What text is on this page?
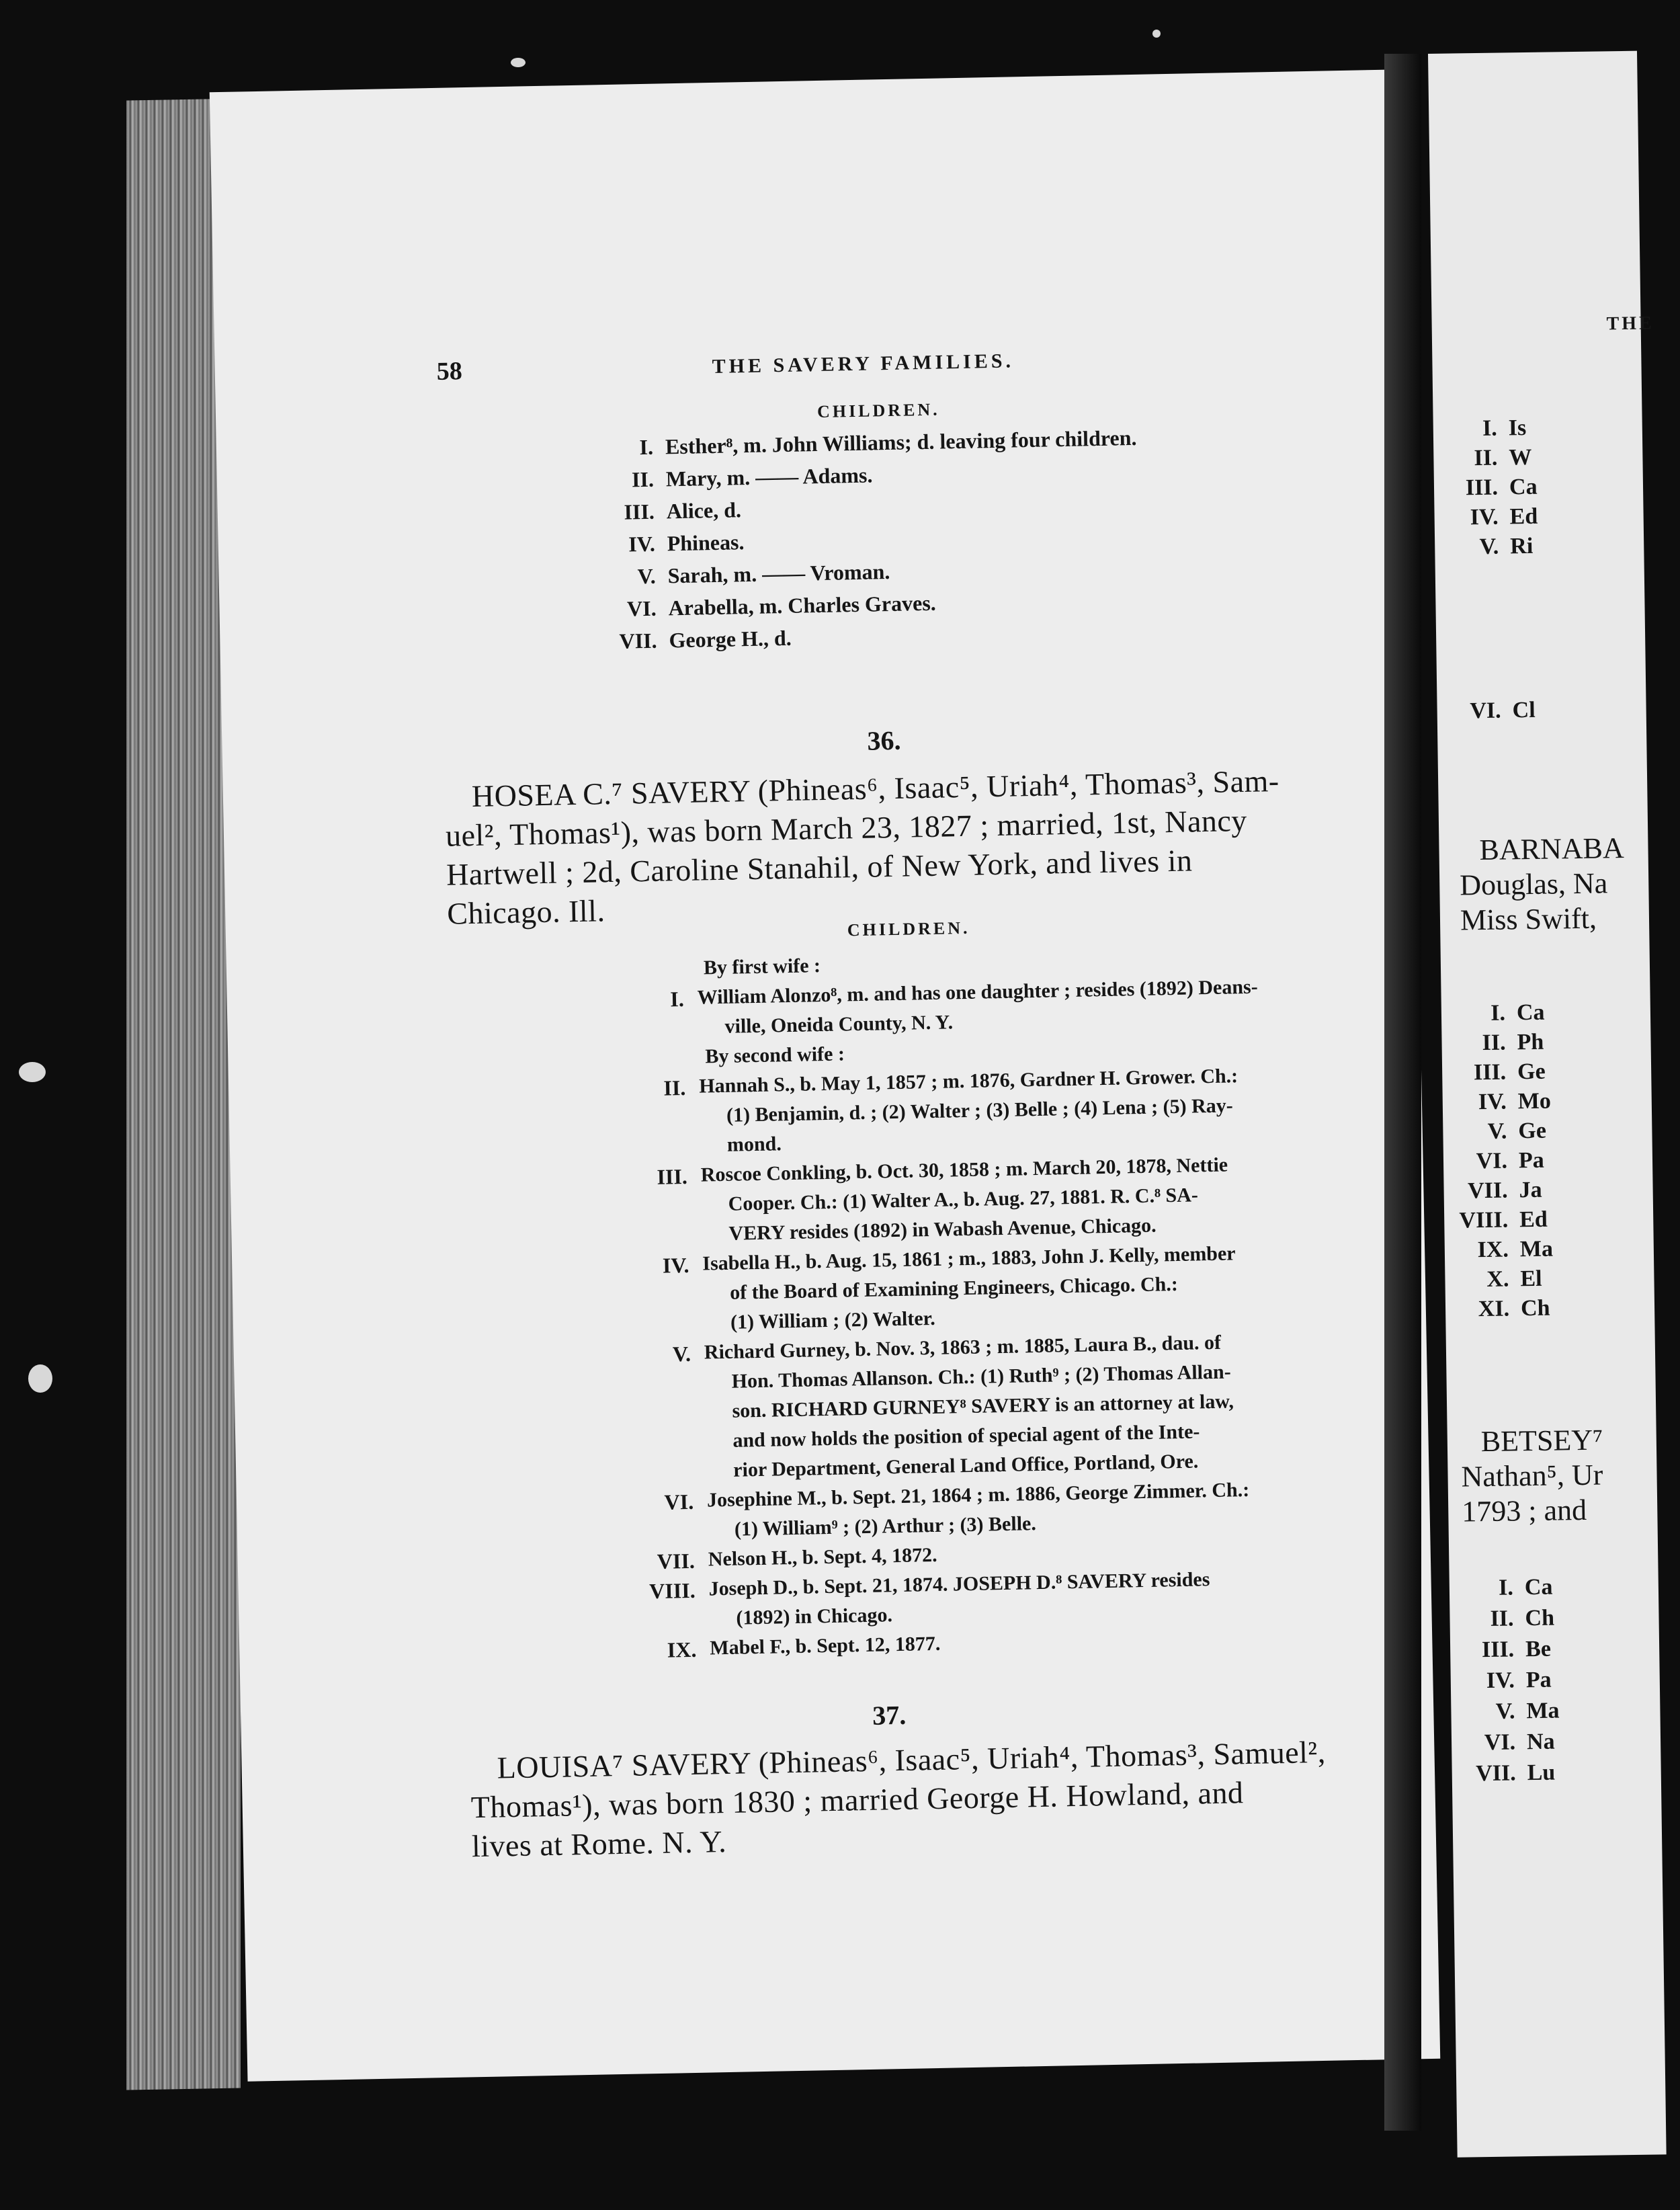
58	THE SAVERY FAMILIES.
CHILDREN.
I. Esther⁸, m. John Williams; d. leaving four children.
II. Mary, m. —— Adams.
III. Alice, d.
IV. Phineas.
V. Sarah, m. —— Vroman.
VI. Arabella, m. Charles Graves.
VII. George H., d.
36.
HOSEA C.⁷ SAVERY (Phineas⁶, Isaac⁵, Uriah⁴, Thomas³, Sam-
uel², Thomas¹), was born March 23, 1827 ; married, 1st, Nancy
Hartwell ; 2d, Caroline Stanahil, of New York, and lives in
Chicago. Ill.	CHILDREN.
By first wife :
I. William Alonzo⁸, m. and has one daughter ; resides (1892) Deans-
ville, Oneida County, N. Y.
By second wife :
II. Hannah S., b. May 1, 1857 ; m. 1876, Gardner H. Grower. Ch.:
(1) Benjamin, d. ; (2) Walter ; (3) Belle ; (4) Lena ; (5) Ray-
mond.
III. Roscoe Conkling, b. Oct. 30, 1858 ; m. March 20, 1878, Nettie
Cooper. Ch.: (1) Walter A., b. Aug. 27, 1881. R. C.⁸ SA-
VERY resides (1892) in Wabash Avenue, Chicago.
IV. Isabella H., b. Aug. 15, 1861 ; m., 1883, John J. Kelly, member
of the Board of Examining Engineers, Chicago. Ch.:
(1) William ; (2) Walter.
V. Richard Gurney, b. Nov. 3, 1863 ; m. 1885, Laura B., dau. of
Hon. Thomas Allanson. Ch.: (1) Ruth⁹ ; (2) Thomas Allan-
son. RICHARD GURNEY⁸ SAVERY is an attorney at law,
and now holds the position of special agent of the Inte-
rior Department, General Land Office, Portland, Ore.
VI. Josephine M., b. Sept. 21, 1864 ; m. 1886, George Zimmer. Ch.:
(1) William⁹ ; (2) Arthur ; (3) Belle.
VII. Nelson H., b. Sept. 4, 1872.
VIII. Joseph D., b. Sept. 21, 1874. JOSEPH D.⁸ SAVERY resides
(1892) in Chicago.
IX. Mabel F., b. Sept. 12, 1877.
37.
LOUISA⁷ SAVERY (Phineas⁶, Isaac⁵, Uriah⁴, Thomas³, Samuel²,
Thomas¹), was born 1830 ; married George H. Howland, and
lives at Rome. N. Y.
THE
I. Is
II. W
III. Ca
IV. Ed
V. Ri
VI. Cl
BARNABA
Douglas, Na
Miss Swift,
I. Ca
II. Ph
III. Ge
IV. Mo
V. Ge
VI. Pa
VII. Ja
VIII. Ed
IX. Ma
X. El
XI. Ch
BETSEY⁷
Nathan⁵, Ur
1793 ; and
I. Ca
II. Ch
III. Be
IV. Pa
V. Ma
VI. Na
VII. Lu
